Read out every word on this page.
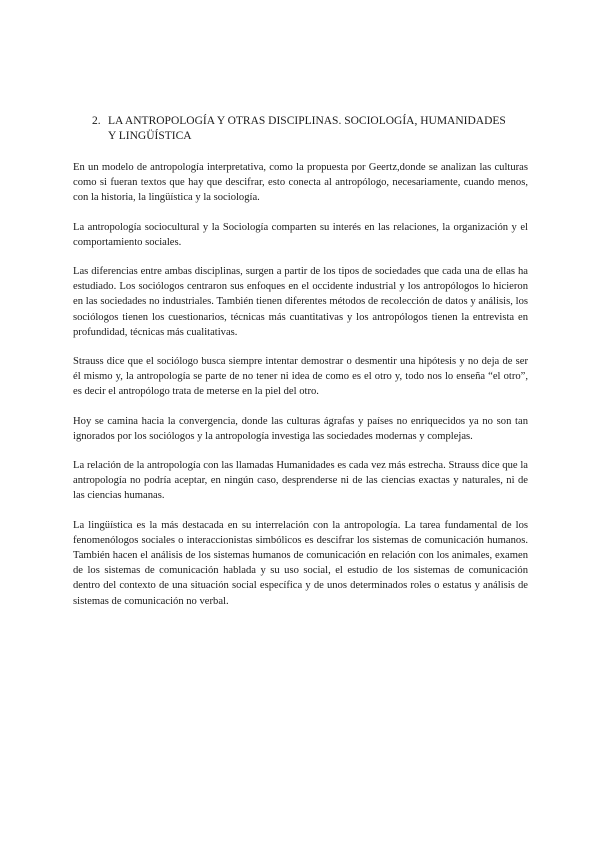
2. LA ANTROPOLOGÍA Y OTRAS DISCIPLINAS. SOCIOLOGÍA, HUMANIDADES Y LINGÜÍSTICA

En un modelo de antropología interpretativa, como la propuesta por Geertz,donde se analizan las culturas como si fueran textos que hay que descifrar, esto conecta al antropólogo, necesariamente, cuando menos, con la historia, la lingüística y la sociología.

La antropología sociocultural y la Sociología comparten su interés en las relaciones, la organización y el comportamiento sociales.

Las diferencias entre ambas disciplinas, surgen a partir de los tipos de sociedades que cada una de ellas ha estudiado. Los sociólogos centraron sus enfoques en el occidente industrial y los antropólogos lo hicieron en las sociedades no industriales. También tienen diferentes métodos de recolección de datos y análisis, los sociólogos tienen los cuestionarios, técnicas más cuantitativas y los antropólogos tienen la entrevista en profundidad, técnicas más cualitativas.

Strauss dice que el sociólogo busca siempre intentar demostrar o desmentir una hipótesis y no deja de ser él mismo y, la antropología se parte de no tener ni idea de como es el otro y, todo nos lo enseña “el otro”, es decir el antropólogo trata de meterse en la piel del otro.

Hoy se camina hacia la convergencia, donde las culturas ágrafas y países no enriquecidos ya no son tan ignorados por los sociólogos y la antropología investiga las sociedades modernas y complejas.

La relación de la antropología con las llamadas Humanidades es cada vez más estrecha. Strauss dice que la antropología no podría aceptar, en ningún caso, desprenderse ni de las ciencias exactas y naturales, ni de las ciencias humanas.

La lingüística es la más destacada en su interrelación con la antropología. La tarea fundamental de los fenomenólogos sociales o interaccionistas simbólicos es descifrar los sistemas de comunicación humanos. También hacen el análisis de los sistemas humanos de comunicación en relación con los animales, examen de los sistemas de comunicación hablada y su uso social, el estudio de los sistemas de comunicación dentro del contexto de una situación social específica y de unos determinados roles o estatus y análisis de sistemas de comunicación no verbal.
